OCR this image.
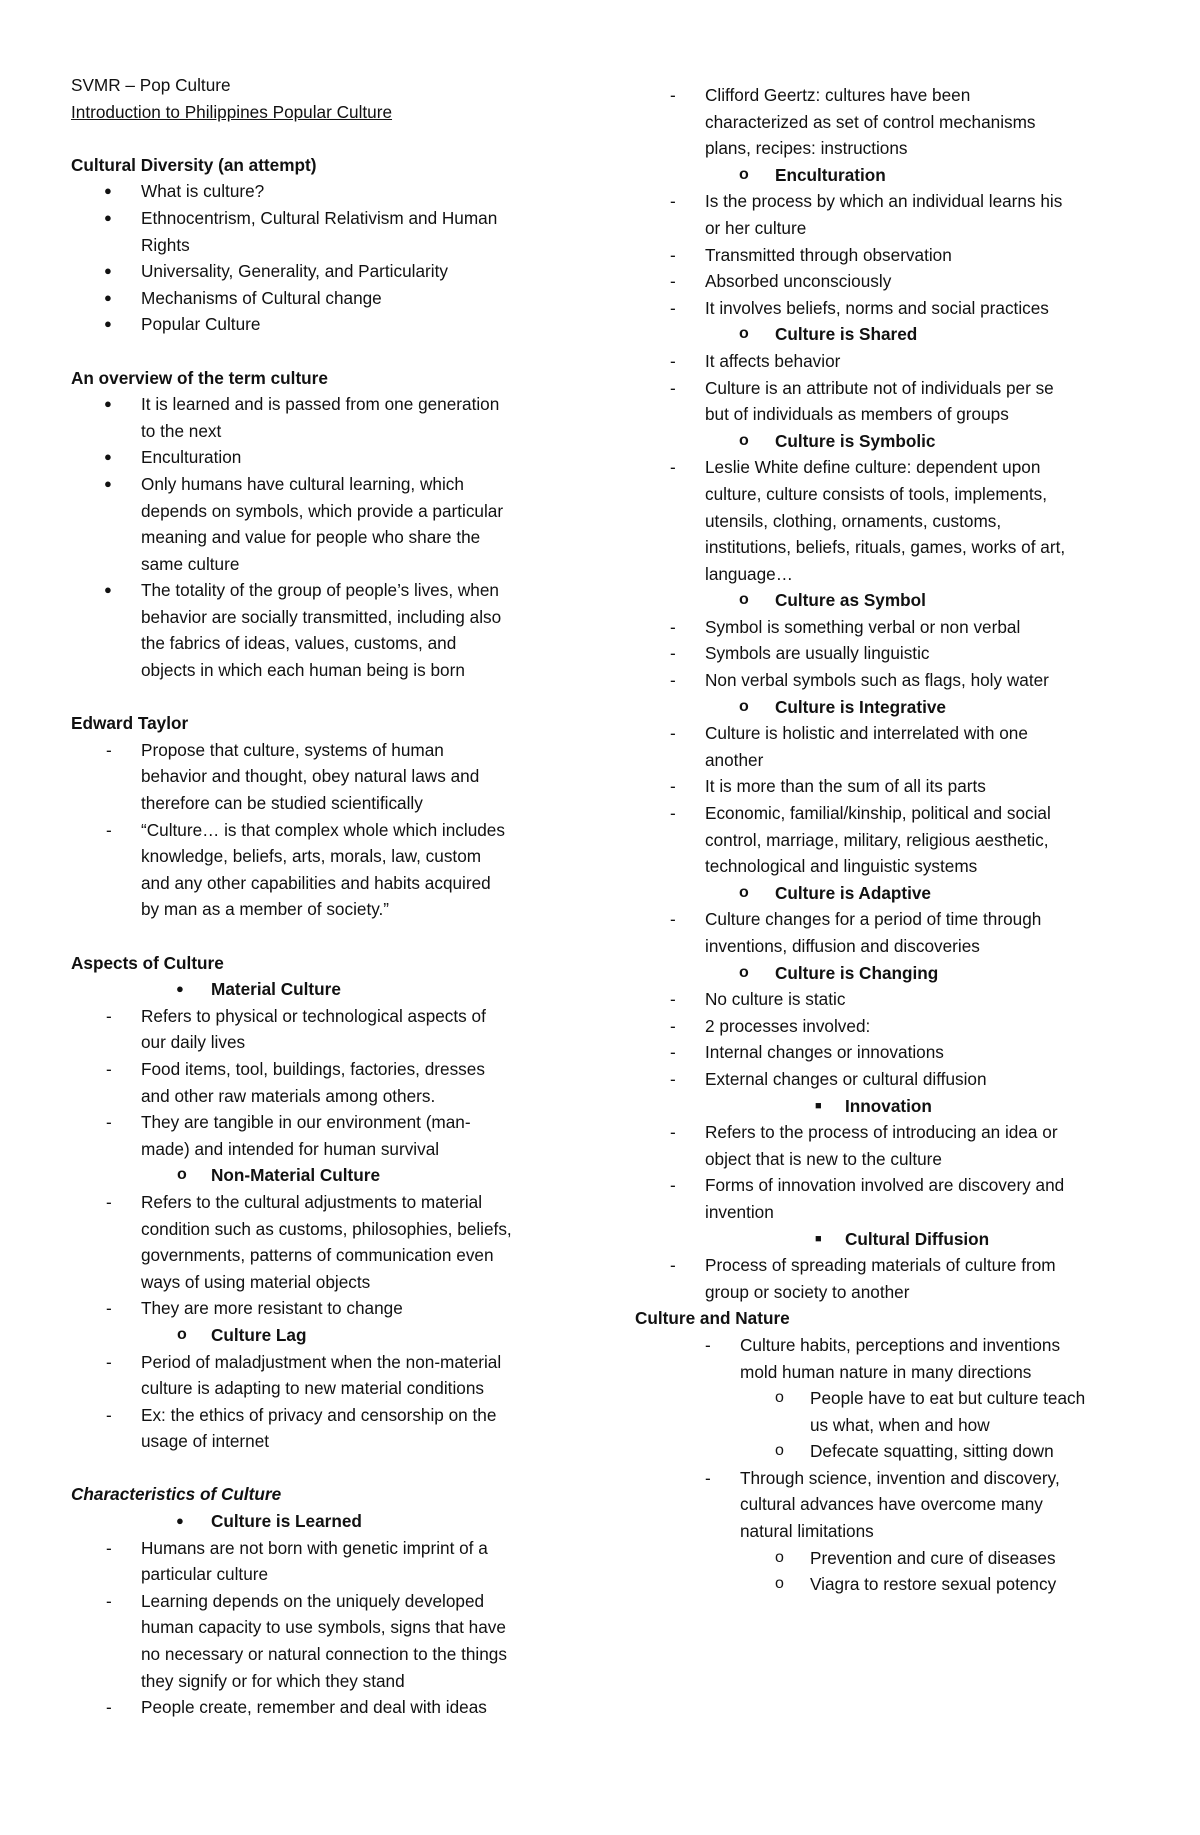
SVMR – Pop Culture
Introduction to Philippines Popular Culture
Cultural Diversity (an attempt)
●	What is culture?
●	Ethnocentrism, Cultural Relativism and Human
Rights
●	Universality, Generality, and Particularity
●	Mechanisms of Cultural change
●	Popular Culture
An overview of the term culture
●	It is learned and is passed from one generation
to the next
●	Enculturation
●	Only humans have cultural learning, which
depends on symbols, which provide a particular
meaning and value for people who share the
same culture
●	The totality of the group of people’s lives, when
behavior are socially transmitted, including also
the fabrics of ideas, values, customs, and
objects in which each human being is born
Edward Taylor
-	Propose that culture, systems of human
behavior and thought, obey natural laws and
therefore can be studied scientifically
-	“Culture… is that complex whole which includes
knowledge, beliefs, arts, morals, law, custom
and any other capabilities and habits acquired
by man as a member of society.”
Aspects of Culture
● Material Culture
-	Refers to physical or technological aspects of
our daily lives
-	Food items, tool, buildings, factories, dresses
and other raw materials among others.
-	They are tangible in our environment (man-
made) and intended for human survival
o Non-Material Culture
-	Refers to the cultural adjustments to material
condition such as customs, philosophies, beliefs,
governments, patterns of communication even
ways of using material objects
-	They are more resistant to change
o Culture Lag
-	Period of maladjustment when the non-material
culture is adapting to new material conditions
-	Ex: the ethics of privacy and censorship on the
usage of internet
Characteristics of Culture
● Culture is Learned
-	Humans are not born with genetic imprint of a
particular culture
-	Learning depends on the uniquely developed
human capacity to use symbols, signs that have
no necessary or natural connection to the things
they signify or for which they stand
-	People create, remember and deal with ideas
-	Clifford Geertz: cultures have been
characterized as set of control mechanisms
plans, recipes: instructions
o Enculturation
-	Is the process by which an individual learns his
or her culture
-	Transmitted through observation
-	Absorbed unconsciously
-	It involves beliefs, norms and social practices
o Culture is Shared
-	It affects behavior
-	Culture is an attribute not of individuals per se
but of individuals as members of groups
o Culture is Symbolic
-	Leslie White define culture: dependent upon
culture, culture consists of tools, implements,
utensils, clothing, ornaments, customs,
institutions, beliefs, rituals, games, works of art,
language…
o Culture as Symbol
-	Symbol is something verbal or non verbal
-	Symbols are usually linguistic
-	Non verbal symbols such as flags, holy water
o Culture is Integrative
-	Culture is holistic and interrelated with one
another
-	It is more than the sum of all its parts
-	Economic, familial/kinship, political and social
control, marriage, military, religious aesthetic,
technological and linguistic systems
o Culture is Adaptive
-	Culture changes for a period of time through
inventions, diffusion and discoveries
o Culture is Changing
-	No culture is static
-	2 processes involved:
-	Internal changes or innovations
-	External changes or cultural diffusion
■ Innovation
-	Refers to the process of introducing an idea or
object that is new to the culture
-	Forms of innovation involved are discovery and
invention
■ Cultural Diffusion
-	Process of spreading materials of culture from
group or society to another
Culture and Nature
- Culture habits, perceptions and inventions
mold human nature in many directions
o People have to eat but culture teach
us what, when and how
o Defecate squatting, sitting down
- Through science, invention and discovery,
cultural advances have overcome many
natural limitations
o Prevention and cure of diseases
o Viagra to restore sexual potency
